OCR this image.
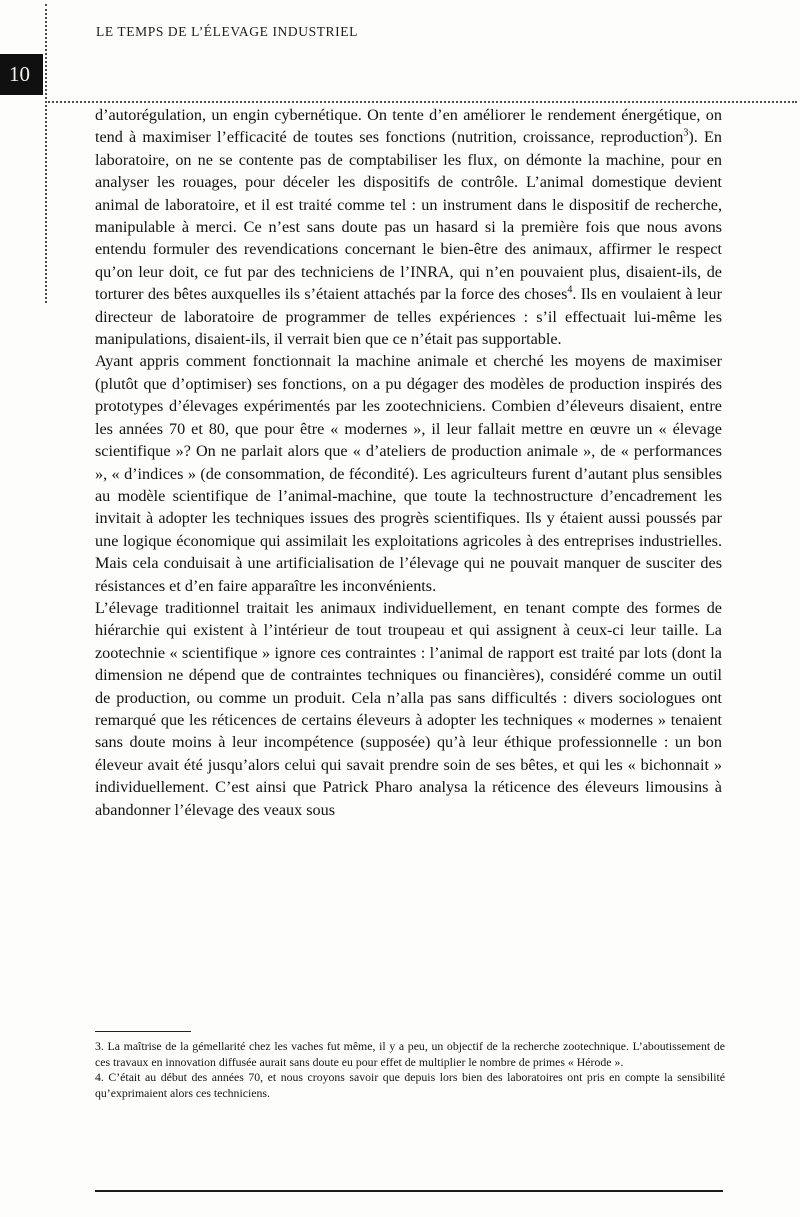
LE TEMPS DE L’ÉLEVAGE INDUSTRIEL
10

d’autorégulation, un engin cybernétique. On tente d’en améliorer le rendement énergétique, on tend à maximiser l’efficacité de toutes ses fonctions (nutrition, croissance, reproduction$^3$). En laboratoire, on ne se contente pas de comptabiliser les flux, on démonte la machine, pour en analyser les rouages, pour déceler les dispositifs de contrôle. L’animal domestique devient animal de laboratoire, et il est traité comme tel : un instrument dans le dispositif de recherche, manipulable à merci. Ce n’est sans doute pas un hasard si la première fois que nous avons entendu formuler des revendications concernant le bien-être des animaux, affirmer le respect qu’on leur doit, ce fut par des techniciens de l’INRA, qui n’en pouvaient plus, disaient-ils, de torturer des bêtes auxquelles ils s’étaient attachés par la force des choses$^4$. Ils en voulaient à leur directeur de laboratoire de programmer de telles expériences : s’il effectuait lui-même les manipulations, disaient-ils, il verrait bien que ce n’était pas supportable.

Ayant appris comment fonctionnait la machine animale et cherché les moyens de maximiser (plutôt que d’optimiser) ses fonctions, on a pu dégager des modèles de production inspirés des prototypes d’élevages expérimentés par les zootechniciens. Combien d’éleveurs disaient, entre les années 70 et 80, que pour être « modernes », il leur fallait mettre en œuvre un « élevage scientifique »? On ne parlait alors que « d’ateliers de production animale », de « performances », « d’indices » (de consommation, de fécondité). Les agriculteurs furent d’autant plus sensibles au modèle scientifique de l’animal-machine, que toute la technostructure d’encadrement les invitait à adopter les techniques issues des progrès scientifiques. Ils y étaient aussi poussés par une logique économique qui assimilait les exploitations agricoles à des entreprises industrielles. Mais cela conduisait à une artificialisation de l’élevage qui ne pouvait manquer de susciter des résistances et d’en faire apparaître les inconvénients.

L’élevage traditionnel traitait les animaux individuellement, en tenant compte des formes de hiérarchie qui existent à l’intérieur de tout troupeau et qui assignent à ceux-ci leur taille. La zootechnie « scientifique » ignore ces contraintes : l’animal de rapport est traité par lots (dont la dimension ne dépend que de contraintes techniques ou financières), considéré comme un outil de production, ou comme un produit. Cela n’alla pas sans difficultés : divers sociologues ont remarqué que les réticences de certains éleveurs à adopter les techniques « modernes » tenaient sans doute moins à leur incompétence (supposée) qu’à leur éthique professionnelle : un bon éleveur avait été jusqu’alors celui qui savait prendre soin de ses bêtes, et qui les « bichonnait » individuellement. C’est ainsi que Patrick Pharo analysa la réticence des éleveurs limousins à abandonner l’élevage des veaux sous

3. La maîtrise de la gémellarité chez les vaches fut même, il y a peu, un objectif de la recherche zootechnique. L’aboutissement de ces travaux en innovation diffusée aurait sans doute eu pour effet de multiplier le nombre de primes « Hérode ».

4. C’était au début des années 70, et nous croyons savoir que depuis lors bien des laboratoires ont pris en compte la sensibilité qu’exprimaient alors ces techniciens.
